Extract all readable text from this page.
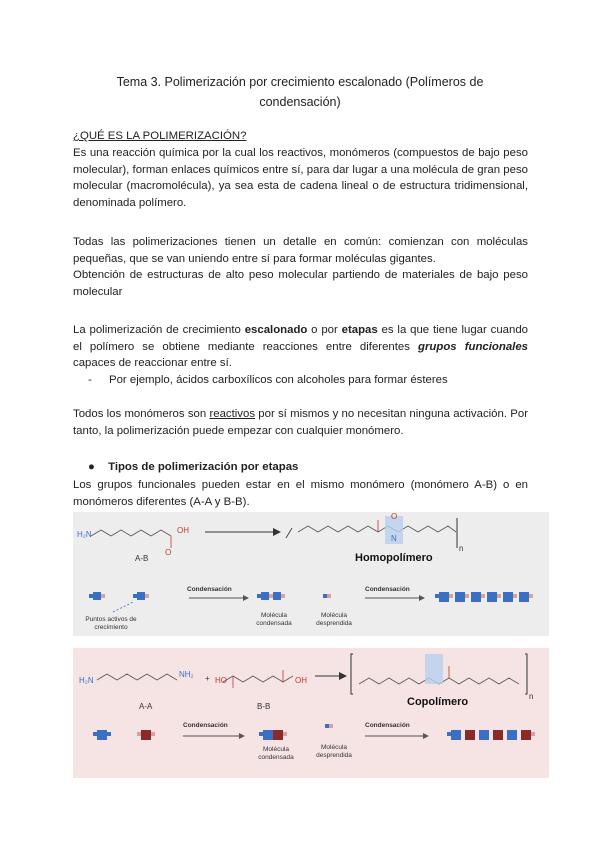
Tema 3. Polimerización por crecimiento escalonado (Polímeros de
condensación)
¿QUÉ ES LA POLIMERIZACIÓN?
Es una reacción química por la cual los reactivos, monómeros (compuestos de bajo peso molecular), forman enlaces químicos entre sí, para dar lugar a una molécula de gran peso molecular (macromolécula), ya sea esta de cadena lineal o de estructura tridimensional, denominada polímero.
Todas las polimerizaciones tienen un detalle en común: comienzan con moléculas pequeñas, que se van uniendo entre sí para formar moléculas gigantes.
Obtención de estructuras de alto peso molecular partiendo de materiales de bajo peso molecular
La polimerización de crecimiento escalonado o por etapas es la que tiene lugar cuando el polímero se obtiene mediante reacciones entre diferentes grupos funcionales capaces de reaccionar entre sí.
- Por ejemplo, ácidos carboxílicos con alcoholes para formar ésteres
Todos los monómeros son reactivos por sí mismos y no necesitan ninguna activación. Por tanto, la polimerización puede empezar con cualquier monómero.
● Tipos de polimerización por etapas
Los grupos funcionales pueden estar en el mismo monómero (monómero A-B) o en monómeros diferentes (A-A y B-B).
H₂N	OH
O
O
N
n
A-B	Homopolímero
Condensación	Condensación
Puntos activos de crecimiento
Molécula condensada
Molécula desprendida
H₂N
NH₂ + HO	OH
n
A-A	B-B	Copolímero
Condensación	Condensación
Molécula condensada
Molécula desprendida
